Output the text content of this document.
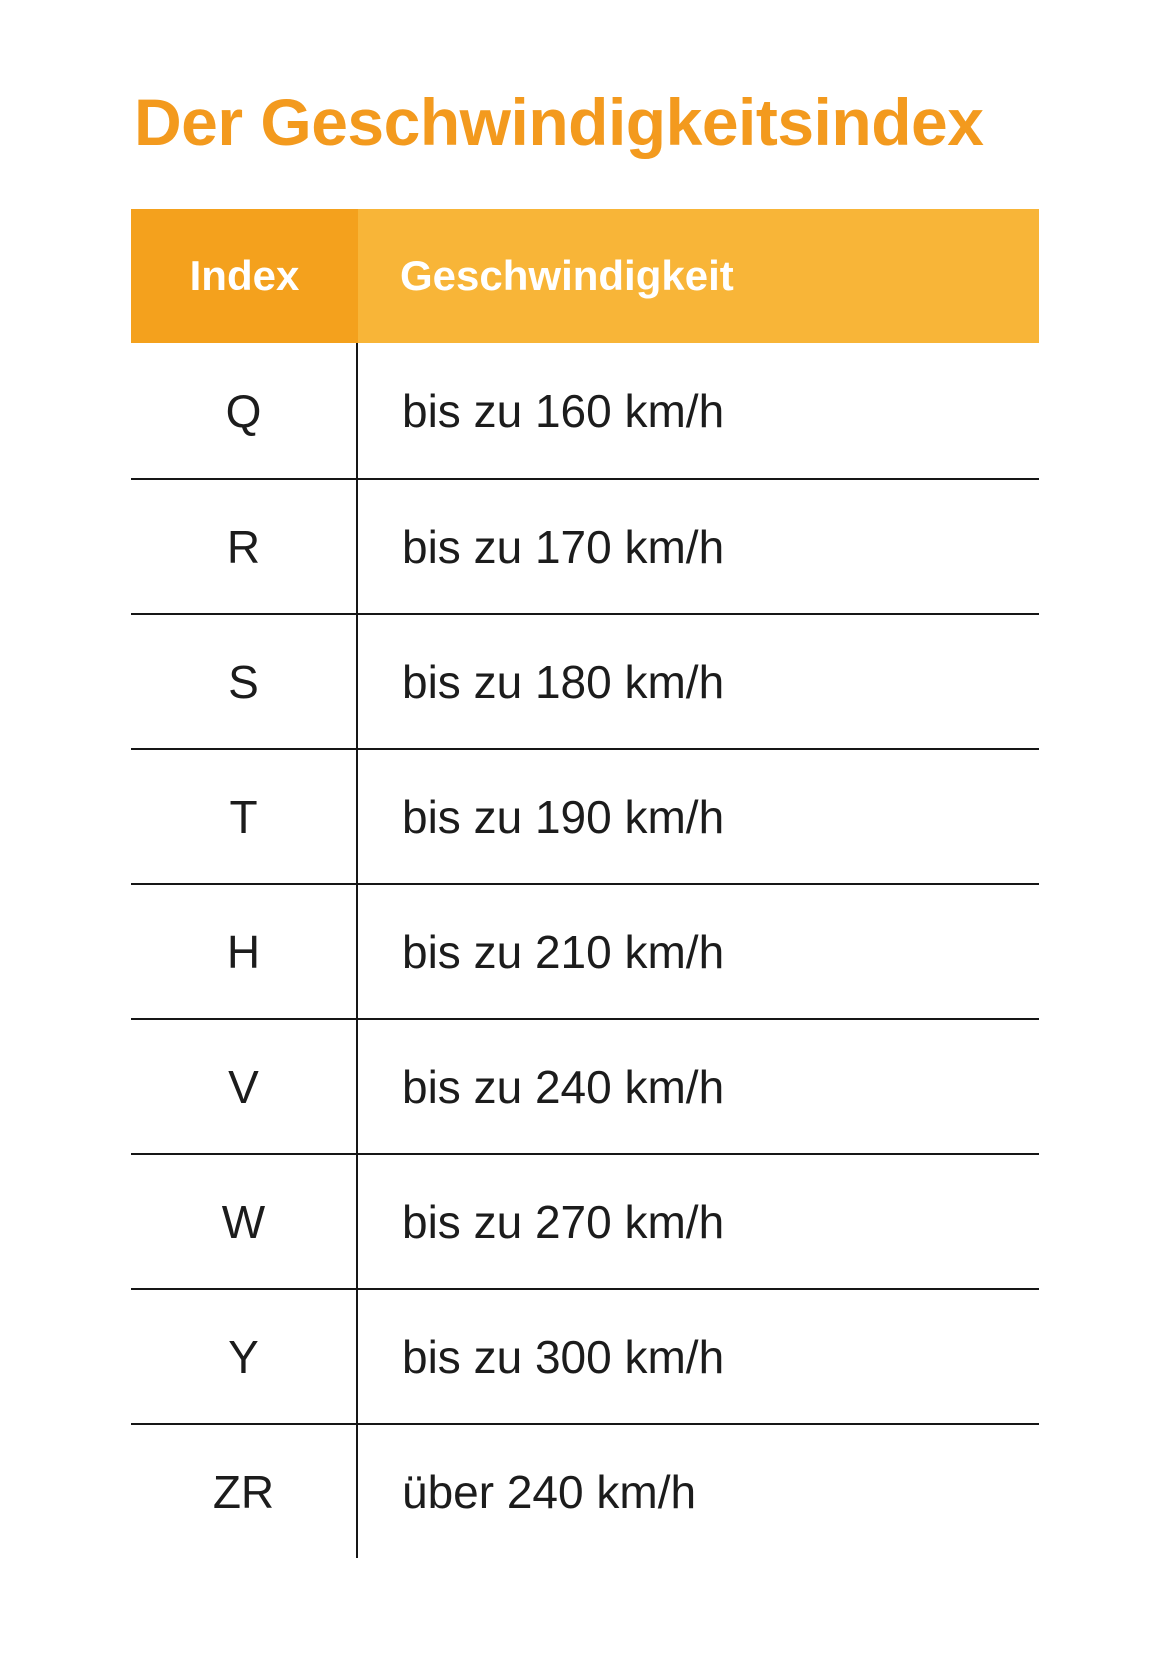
Der Geschwindigkeitsindex
Index	Geschwindigkeit
Q	bis zu 160 km/h
R	bis zu 170 km/h
S	bis zu 180 km/h
T	bis zu 190 km/h
H	bis zu 210 km/h
V	bis zu 240 km/h
W	bis zu 270 km/h
Y	bis zu 300 km/h
ZR	über 240 km/h
